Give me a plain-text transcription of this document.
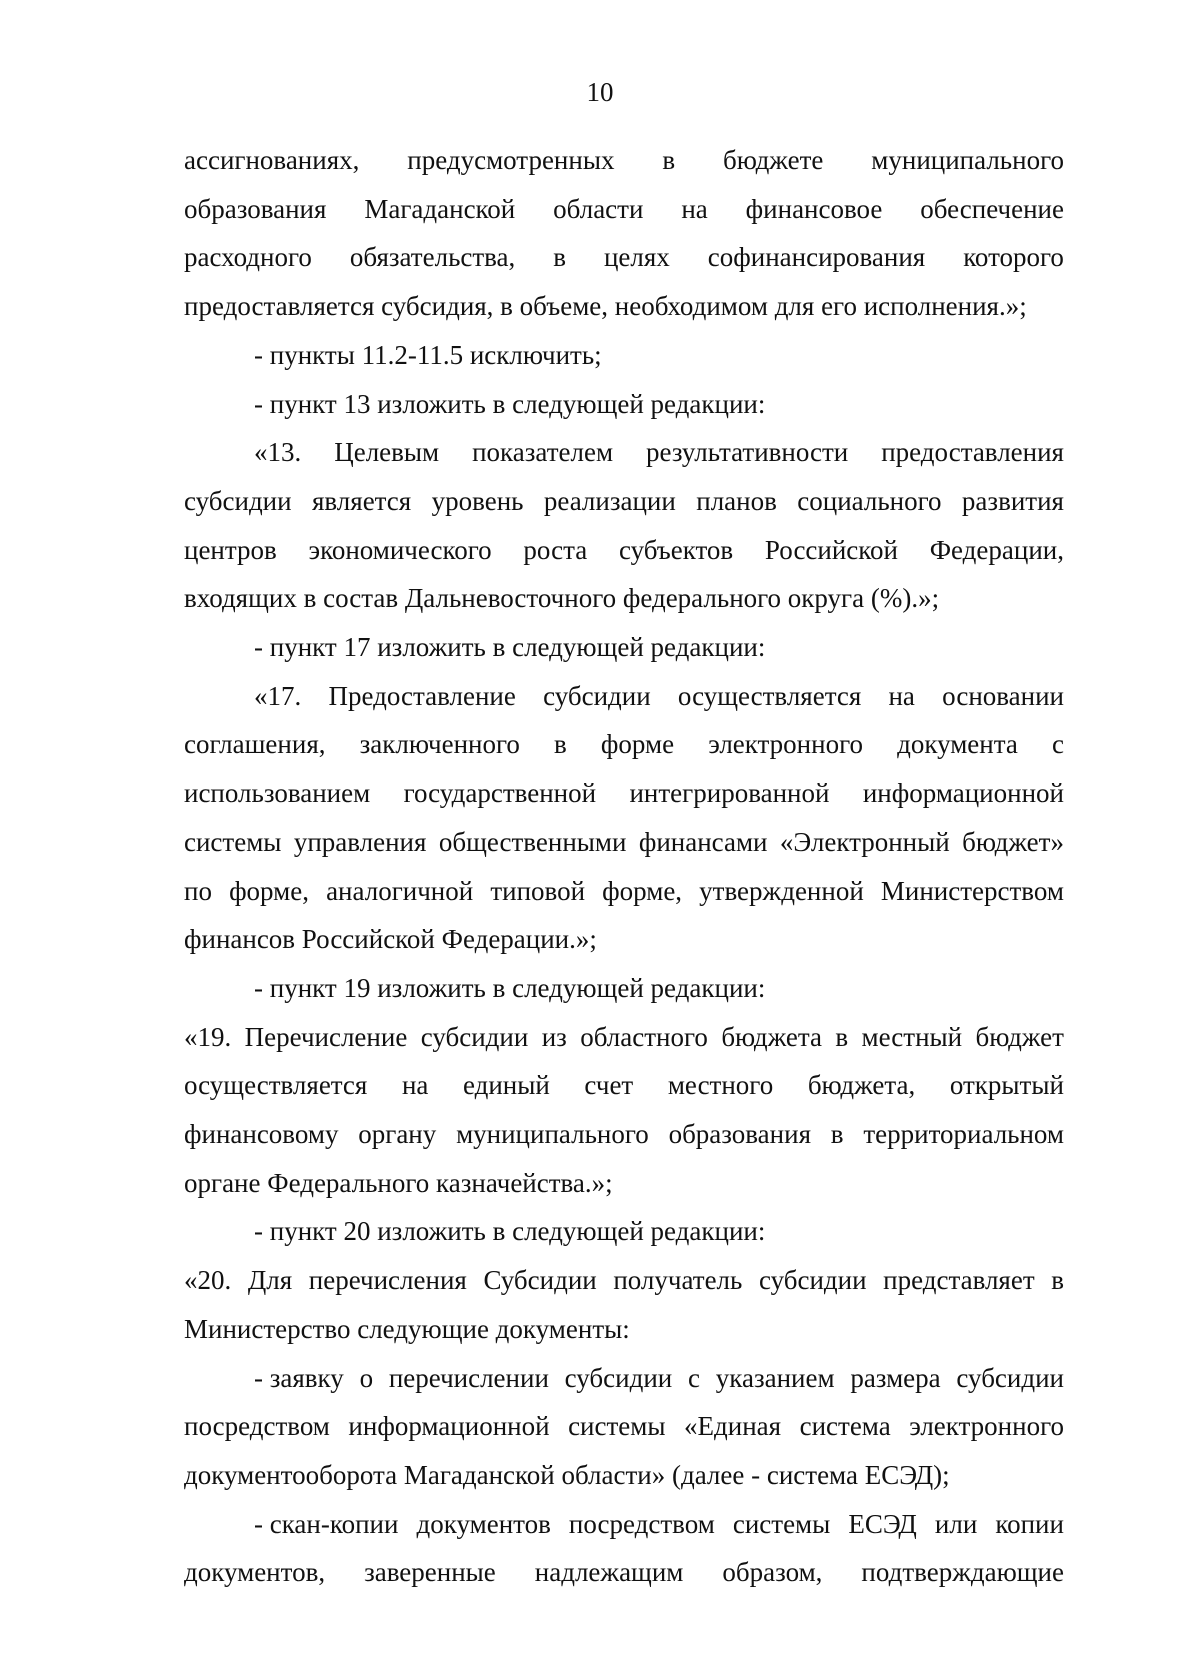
10

ассигнованиях, предусмотренных в бюджете муниципального
образования Магаданской области на финансовое обеспечение
расходного обязательства, в целях софинансирования которого
предоставляется субсидия, в объеме, необходимом для его исполнения.»;

- пункты 11.2-11.5 исключить;

- пункт 13 изложить в следующей редакции:

«13. Целевым показателем результативности предоставления
субсидии является уровень реализации планов социального развития
центров экономического роста субъектов Российской Федерации,
входящих в состав Дальневосточного федерального округа (%).»;

- пункт 17 изложить в следующей редакции:

«17. Предоставление субсидии осуществляется на основании
соглашения, заключенного в форме электронного документа с
использованием государственной интегрированной информационной
системы управления общественными финансами «Электронный бюджет»
по форме, аналогичной типовой форме, утвержденной Министерством
финансов Российской Федерации.»;

- пункт 19 изложить в следующей редакции:

«19. Перечисление субсидии из областного бюджета в местный бюджет
осуществляется на единый счет местного бюджета, открытый
финансовому органу муниципального образования в территориальном
органе Федерального казначейства.»;

- пункт 20 изложить в следующей редакции:

«20. Для перечисления Субсидии получатель субсидии представляет в
Министерство следующие документы:

- заявку о перечислении субсидии с указанием размера субсидии
посредством информационной системы «Единая система электронного
документооборота Магаданской области» (далее - система ЕСЭД);

- скан-копии документов посредством системы ЕСЭД или копии
документов, заверенные надлежащим образом, подтверждающие
